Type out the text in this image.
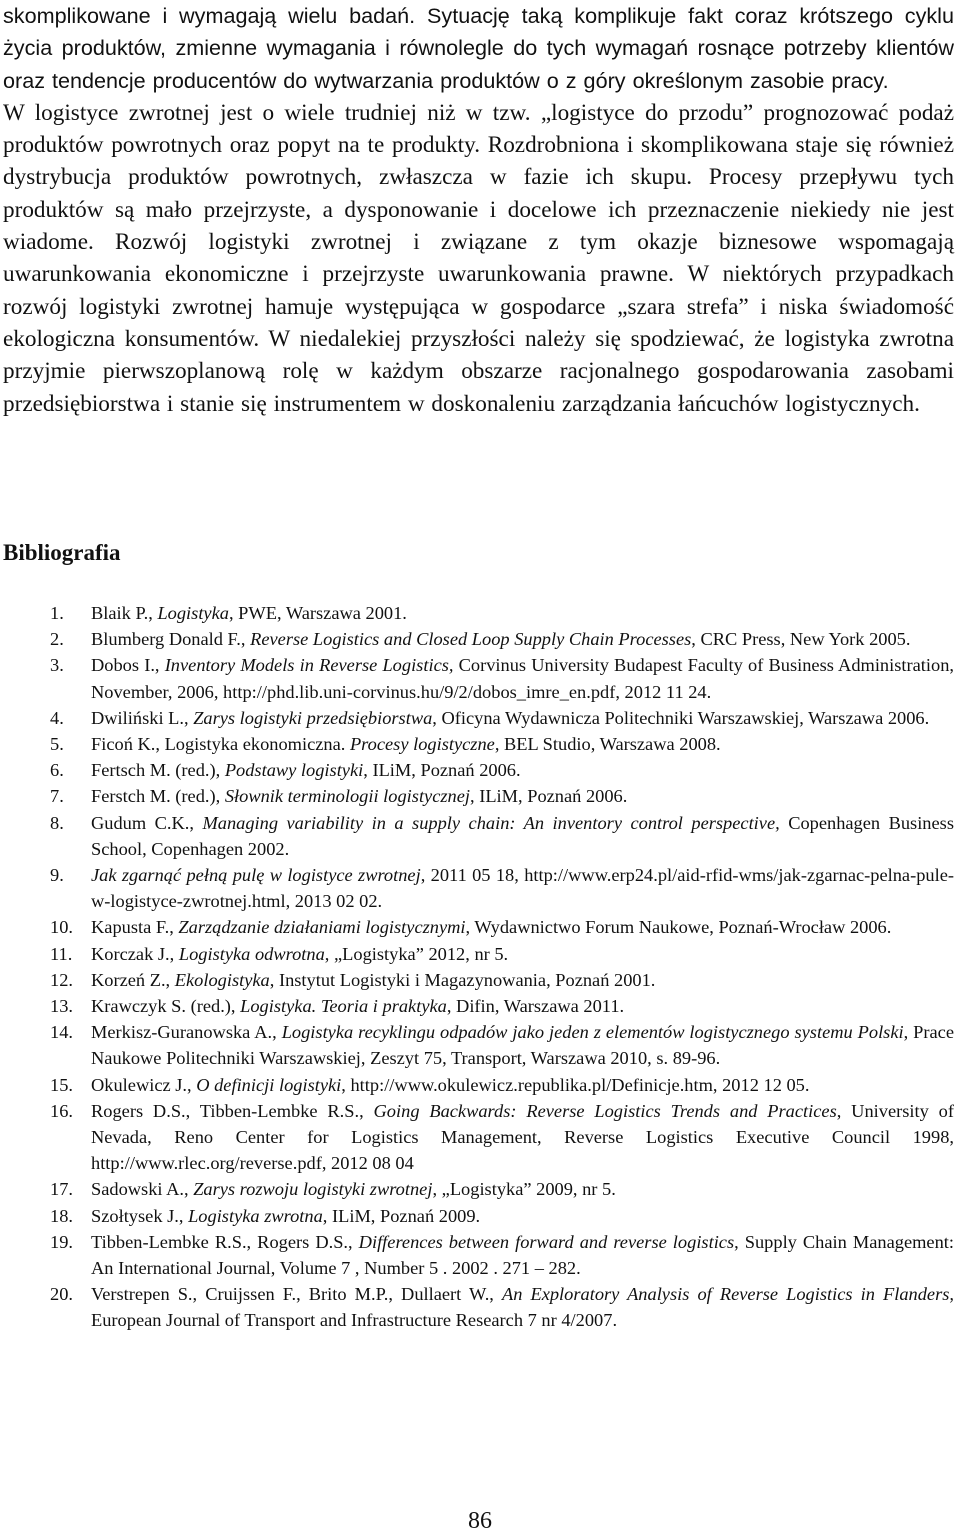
skomplikowane i wymagają wielu badań. Sytuację taką komplikuje fakt coraz krótszego cyklu życia produktów, zmienne wymagania i równolegle do tych wymagań rosnące potrzeby klientów oraz tendencje producentów do wytwarzania produktów o z góry określonym zasobie pracy.

W logistyce zwrotnej jest o wiele trudniej niż w tzw. „logistyce do przodu” prognozować podaż produktów powrotnych oraz popyt na te produkty. Rozdrobniona i skomplikowana staje się również dystrybucja produktów powrotnych, zwłaszcza w fazie ich skupu. Procesy przepływu tych produktów są mało przejrzyste, a dysponowanie i docelowe ich przeznaczenie niekiedy nie jest wiadome. Rozwój logistyki zwrotnej i związane z tym okazje biznesowe wspomagają uwarunkowania ekonomiczne i przejrzyste uwarunkowania prawne. W niektórych przypadkach rozwój logistyki zwrotnej hamuje występująca w gospodarce „szara strefa” i niska świadomość ekologiczna konsumentów. W niedalekiej przyszłości należy się spodziewać, że logistyka zwrotna przyjmie pierwszoplanową rolę w każdym obszarze racjonalnego gospodarowania zasobami przedsiębiorstwa i stanie się instrumentem w doskonaleniu zarządzania łańcuchów logistycznych.

Bibliografia
1.	Blaik P., Logistyka, PWE, Warszawa 2001.
2.	Blumberg Donald F., Reverse Logistics and Closed Loop Supply Chain Processes, CRC Press, New York 2005.
3.	Dobos I., Inventory Models in Reverse Logistics, Corvinus University Budapest Faculty of Business Administration, November, 2006, http://phd.lib.uni-corvinus.hu/9/2/dobos_imre_en.pdf, 2012 11 24.
4.	Dwiliński L., Zarys logistyki przedsiębiorstwa, Oficyna Wydawnicza Politechniki Warszawskiej, Warszawa 2006.
5.	Ficoń K., Logistyka ekonomiczna. Procesy logistyczne, BEL Studio, Warszawa 2008.
6.	Fertsch M. (red.), Podstawy logistyki, ILiM, Poznań 2006.
7.	Ferstch M. (red.), Słownik terminologii logistycznej, ILiM, Poznań 2006.
8.	Gudum C.K., Managing variability in a supply chain: An inventory control perspective, Copenhagen Business School, Copenhagen 2002.
9.	Jak zgarnąć pełną pulę w logistyce zwrotnej, 2011 05 18, http://www.erp24.pl/aid-rfid-wms/jak-zgarnac-pelna-pule-w-logistyce-zwrotnej.html, 2013 02 02.
10. Kapusta F., Zarządzanie działaniami logistycznymi, Wydawnictwo Forum Naukowe, Poznań-Wrocław 2006.
11.	Korczak J., Logistyka odwrotna, „Logistyka” 2012, nr 5.
12. Korzeń Z., Ekologistyka, Instytut Logistyki i Magazynowania, Poznań 2001.
13. Krawczyk S. (red.), Logistyka. Teoria i praktyka, Difin, Warszawa 2011.
14. Merkisz-Guranowska A., Logistyka recyklingu odpadów jako jeden z elementów logistycznego systemu Polski, Prace Naukowe Politechniki Warszawskiej, Zeszyt 75, Transport, Warszawa 2010, s. 89-96.
15. Okulewicz J., O definicji logistyki, http://www.okulewicz.republika.pl/Definicje.htm, 2012 12 05.
16. Rogers D.S., Tibben-Lembke R.S., Going Backwards: Reverse Logistics Trends and Practices, University of Nevada, Reno Center for Logistics Management, Reverse Logistics Executive Council 1998, http://www.rlec.org/reverse.pdf, 2012 08 04
17. Sadowski A., Zarys rozwoju logistyki zwrotnej, „Logistyka” 2009, nr 5.
18. Szołtysek J., Logistyka zwrotna, ILiM, Poznań 2009.
19. Tibben-Lembke R.S., Rogers D.S., Differences between forward and reverse logistics, Supply Chain Management: An International Journal, Volume 7 , Number 5 . 2002 . 271 – 282.
20. Verstrepen S., Cruijssen F., Brito M.P., Dullaert W., An Exploratory Analysis of Reverse Logistics in Flanders, European Journal of Transport and Infrastructure Research 7 nr 4/2007.
86
